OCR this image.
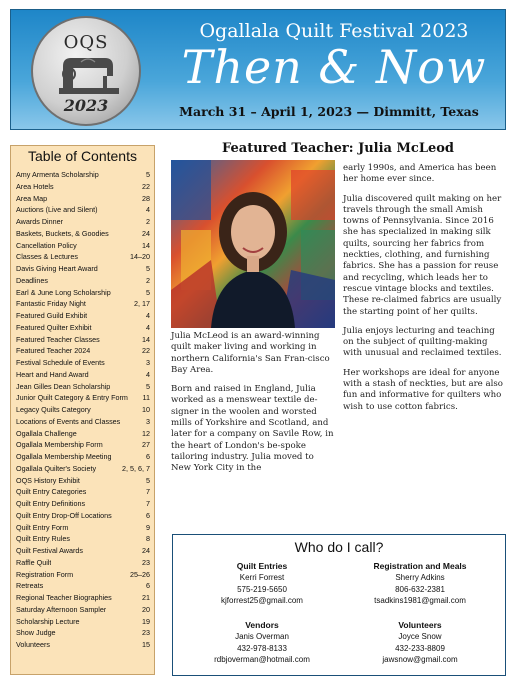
OQS
2023
Ogallala Quilt Festival 2023
Then & Now
March 31 – April 1, 2023 — Dimmitt, Texas
Table of Contents
Amy Armenta Scholarship	5
Area Hotels	22
Area Map	28
Auctions (Live and Silent)	4
Awards Dinner	2
Baskets, Buckets, & Goodies	24
Cancellation Policy	14
Classes & Lectures	14–20
Davis Giving Heart Award	5
Deadlines	2
Earl & June Long Scholarship	5
Fantastic Friday Night	2, 17
Featured Guild Exhibit	4
Featured Quilter Exhibit	4
Featured Teacher Classes	14
Featured Teacher 2024	22
Festival Schedule of Events	3
Heart and Hand Award	4
Jean Gilles Dean Scholarship	5
Junior Quilt Category & Entry Form 11
Legacy Quilts Category	10
Locations of Events and Classes	3
Ogallala Challenge	12
Ogallala Membership Form	27
Ogallala Membership Meeting	6
Ogallala Quilter's Society	2, 5, 6, 7
OQS History Exhibit	5
Quilt Entry Categories	7
Quilt Entry Definitions	7
Quilt Entry Drop-Off Locations	6
Quilt Entry Form	9
Quilt Entry Rules	8
Quilt Festival Awards	24
Raffle Quilt	23
Registration Form	25–26
Retreats	6
Regional Teacher Biographies	21
Saturday Afternoon Sampler	20
Scholarship Lecture	19
Show Judge	23
Volunteers	15
Featured Teacher: Julia McLeod

Julia McLeod is an award-winning quilt maker living and working in northern California's San Fran-cisco Bay Area.

Born and raised in England, Julia worked as a menswear textile de-signer in the woolen and worsted mills of Yorkshire and Scotland, and later for a company on Savile Row, in the heart of London's be-spoke tailoring industry. Julia moved to New York City in the

early 1990s, and America has been her home ever since.

Julia discovered quilt making on her travels through the small Amish towns of Pennsylvania. Since 2016 she has specialized in making silk quilts, sourcing her fabrics from neckties, clothing, and furnishing fabrics. She has a passion for reuse and recycling, which leads her to rescue vintage blocks and textiles. These re-claimed fabrics are usually the starting point of her quilts.

Julia enjoys lecturing and teaching on the subject of quilting-making with unusual and reclaimed textiles.

Her workshops are ideal for anyone with a stash of neckties, but are also fun and informative for quilters who wish to use cotton fabrics.

Who do I call?
Quilt Entries
Kerri Forrest
575-219-5650
kjforrest25@gmail.com
Registration and Meals
Sherry Adkins
806-632-2381
tsadkins1981@gmail.com
Vendors
Janis Overman
432-978-8133
rdbjoverman@hotmail.com
Volunteers
Joyce Snow
432-233-8809
jawsnow@gmail.com
